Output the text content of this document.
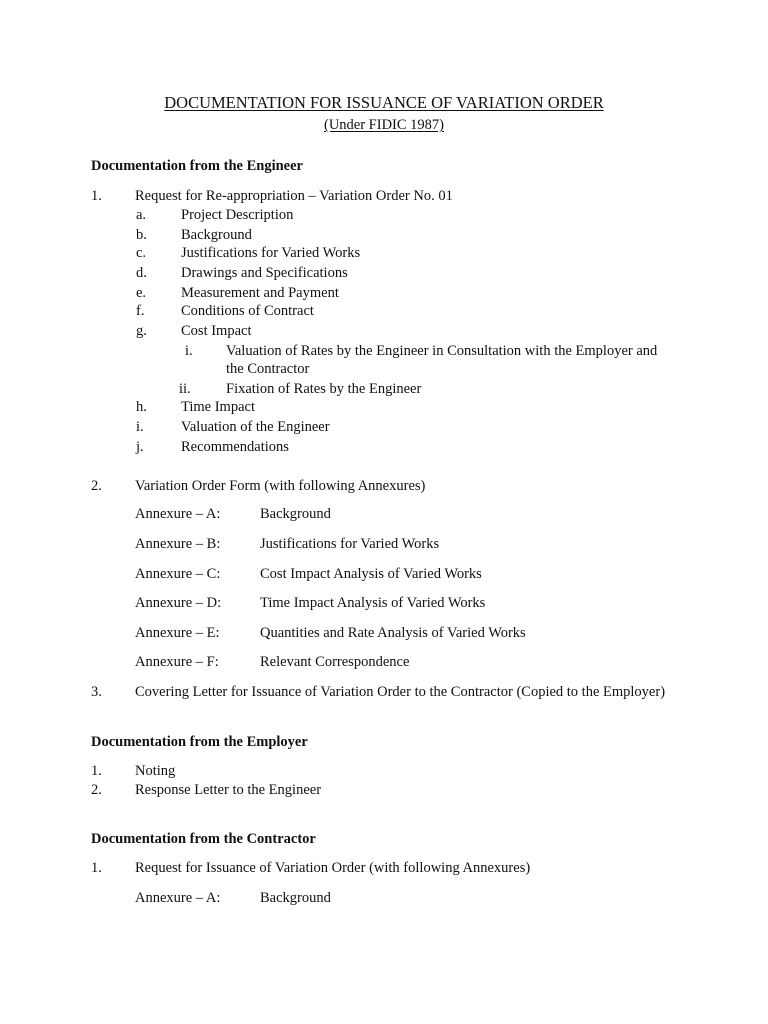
DOCUMENTATION FOR ISSUANCE OF VARIATION ORDER
(Under FIDIC 1987)
Documentation from the Engineer
1. Request for Re-appropriation – Variation Order No. 01
a. Project Description
b. Background
c. Justifications for Varied Works
d. Drawings and Specifications
e. Measurement and Payment
f.	Conditions of Contract
g. Cost Impact
i. Valuation of Rates by the Engineer in Consultation with the Employer and
the Contractor
ii. Fixation of Rates by the Engineer
h. Time Impact
i.	Valuation of the Engineer
j.	Recommendations
2. Variation Order Form (with following Annexures)
Annexure – A:	Background
Annexure – B:	Justifications for Varied Works
Annexure – C:	Cost Impact Analysis of Varied Works
Annexure – D:	Time Impact Analysis of Varied Works
Annexure – E:	Quantities and Rate Analysis of Varied Works
Annexure – F:	Relevant Correspondence
3. Covering Letter for Issuance of Variation Order to the Contractor (Copied to the Employer)
Documentation from the Employer
1. Noting
2. Response Letter to the Engineer
Documentation from the Contractor
1. Request for Issuance of Variation Order (with following Annexures)
Annexure – A:	Background
